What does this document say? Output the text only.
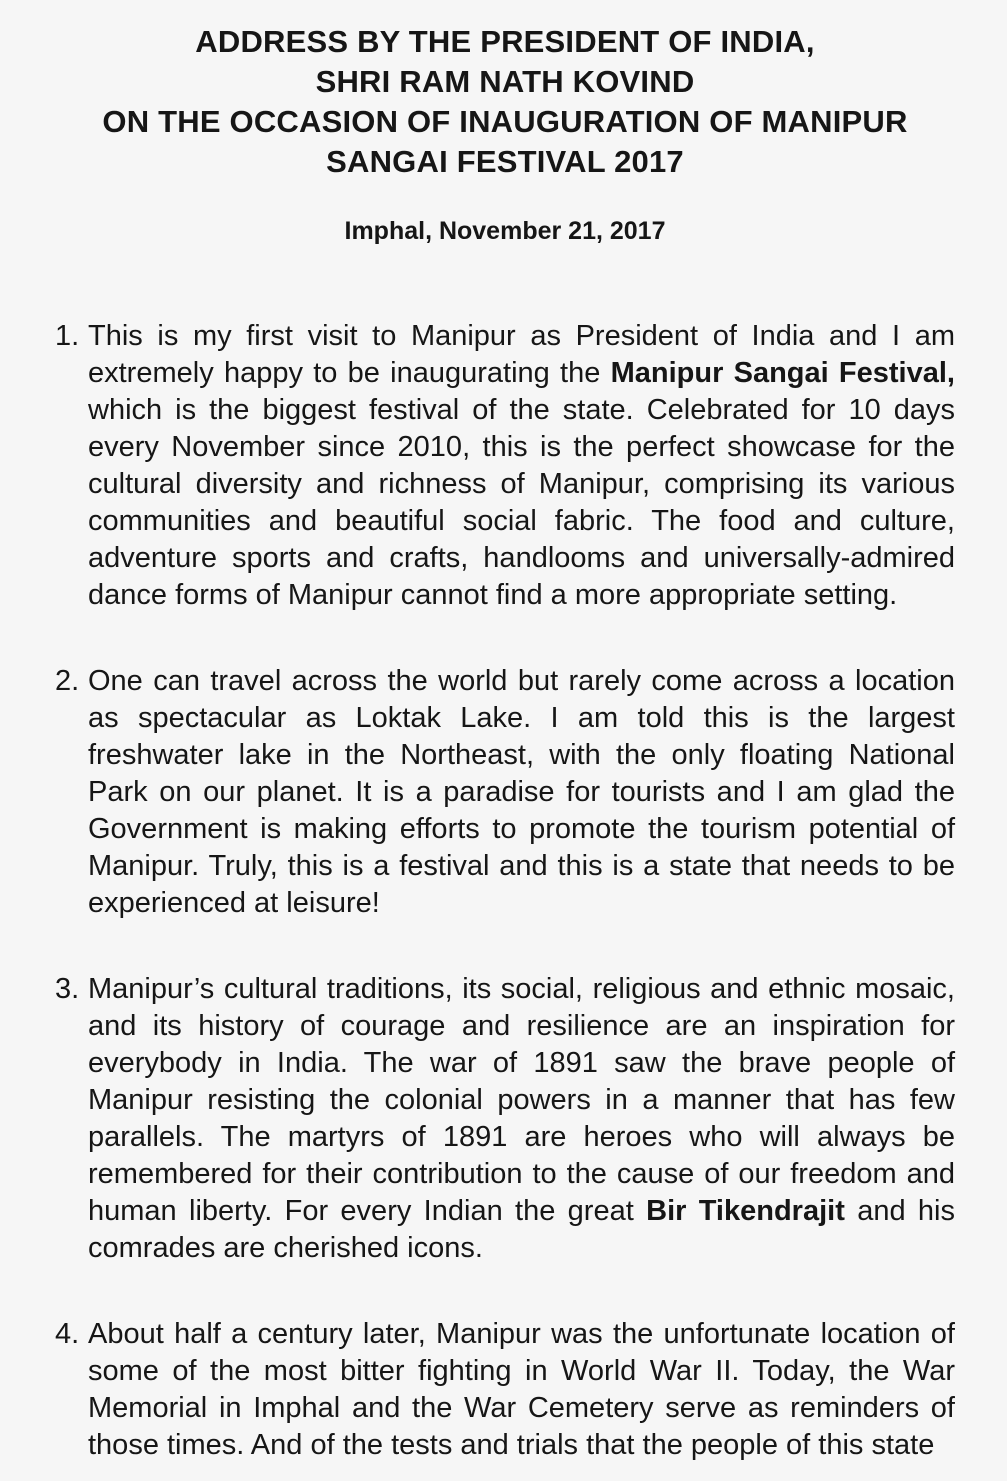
ADDRESS BY THE PRESIDENT OF INDIA,
SHRI RAM NATH KOVIND
ON THE OCCASION OF INAUGURATION OF MANIPUR
SANGAI FESTIVAL 2017
Imphal, November 21, 2017
1. This is my first visit to Manipur as President of India and I am extremely happy to be inaugurating the Manipur Sangai Festival, which is the biggest festival of the state. Celebrated for 10 days every November since 2010, this is the perfect showcase for the cultural diversity and richness of Manipur, comprising its various communities and beautiful social fabric. The food and culture, adventure sports and crafts, handlooms and universally-admired dance forms of Manipur cannot find a more appropriate setting.
2. One can travel across the world but rarely come across a location as spectacular as Loktak Lake. I am told this is the largest freshwater lake in the Northeast, with the only floating National Park on our planet. It is a paradise for tourists and I am glad the Government is making efforts to promote the tourism potential of Manipur. Truly, this is a festival and this is a state that needs to be experienced at leisure!
3. Manipur’s cultural traditions, its social, religious and ethnic mosaic, and its history of courage and resilience are an inspiration for everybody in India. The war of 1891 saw the brave people of Manipur resisting the colonial powers in a manner that has few parallels. The martyrs of 1891 are heroes who will always be remembered for their contribution to the cause of our freedom and human liberty. For every Indian the great Bir Tikendrajit and his comrades are cherished icons.
4. About half a century later, Manipur was the unfortunate location of some of the most bitter fighting in World War II. Today, the War Memorial in Imphal and the War Cemetery serve as reminders of those times. And of the tests and trials that the people of this state
